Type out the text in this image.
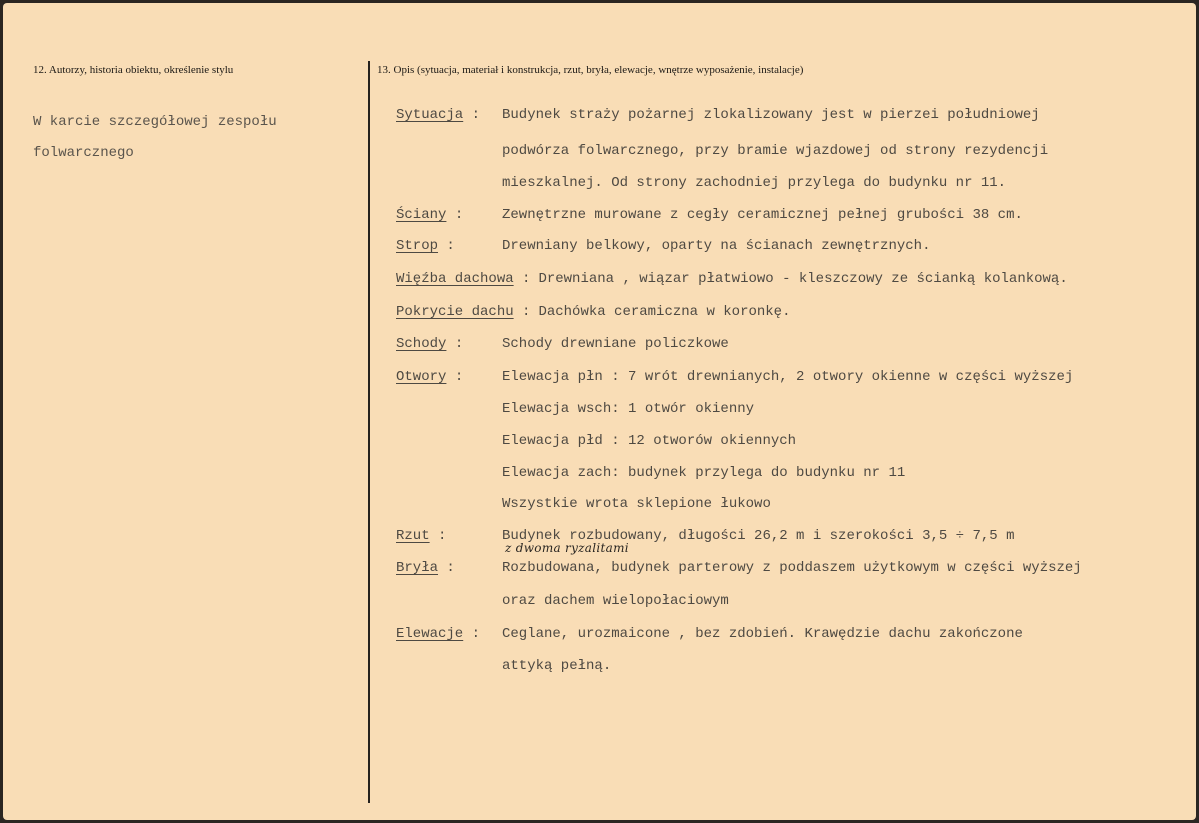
12. Autorzy, historia obiektu, określenie stylu	13. Opis (sytuacja, materiał i konstrukcja, rzut, bryła, elewacje, wnętrze wyposażenie, instalacje)
W karcie szczegółowej zespołu
folwarcznego
Sytuacja : Budynek straży pożarnej zlokalizowany jest w pierzei południowej
podwórza folwarcznego, przy bramie wjazdowej od strony rezydencji
mieszkalnej. Od strony zachodniej przylega do budynku nr 11.
Ściany :	Zewnętrzne murowane z cegły ceramicznej pełnej grubości 38 cm.
Strop :	Drewniany belkowy, oparty na ścianach zewnętrznych.
Więźba dachowa : Drewniana , wiązar płatwiowo - kleszczowy ze ścianką kolankową.
Pokrycie dachu : Dachówka ceramiczna w koronkę.
Schody :	Schody drewniane policzkowe
Otwory :	Elewacja płn : 7 wrót drewnianych, 2 otwory okienne w części wyższej
Elewacja wsch: 1 otwór okienny
Elewacja płd : 12 otworów okiennych
Elewacja zach: budynek przylega do budynku nr 11
Wszystkie wrota sklepione łukowo
Rzut :	Budynek rozbudowany, długości 26,2 m i szerokości 3,5 ÷ 7,5 m
z dwoma ryzalitami
Bryła :	Rozbudowana, budynek parterowy z poddaszem użytkowym w części wyższej
oraz dachem wielopołaciowym
Elewacje : Ceglane, urozmaicone , bez zdobień. Krawędzie dachu zakończone
attyką pełną.
